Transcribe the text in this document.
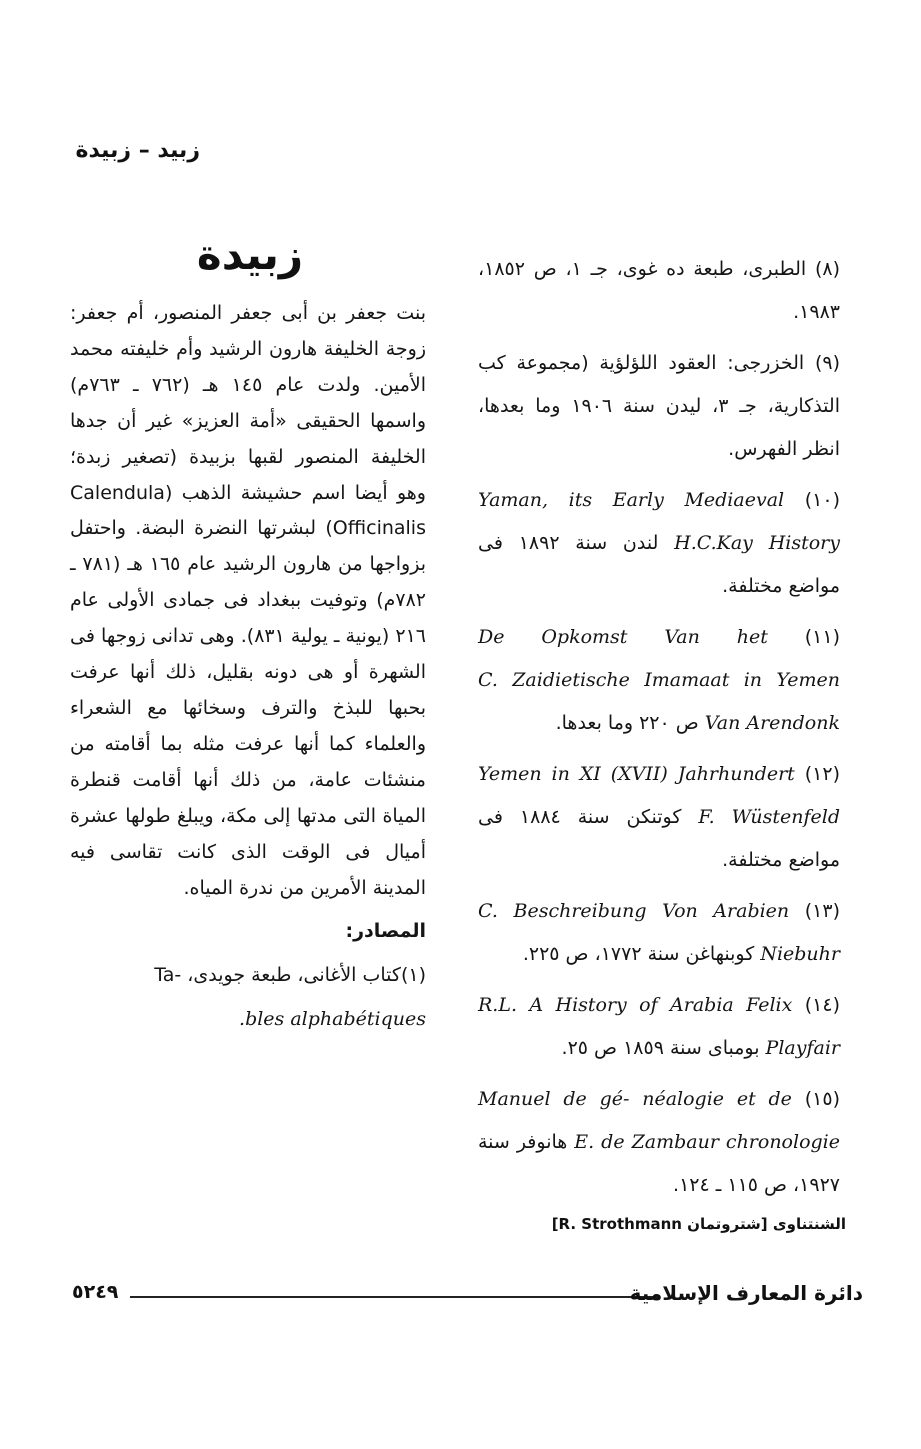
زبيد – زبيدة
زبيدة	(٨) الطبرى، طبعة ده غوى، جـ ١، ص ١٨٥٢، ١٩٨٣.

(٩) الخزرجى: العقود اللؤلؤية (مجموعة كب التذكارية، جـ ٣، ليدن سنة ١٩٠٦ وما بعدها، انظر الفهرس.

(١٠) Yaman, its Early Mediaeval History H.C.Kay لندن سنة ١٨٩٢ فى مواضع مختلفة.

(١١) De Opkomst Van het Zaidietische Imamaat in Yemen C. Van Arendonk ص ٢٢٠ وما بعدها.

(١٢) Yemen in XI (XVII) Jahrhundert F. Wüstenfeld كوتنكن سنة ١٨٨٤ فى مواضع مختلفة.

(١٣) Beschreibung Von Arabien C. Niebuhr كوبنهاغن سنة ١٧٧٢، ص ٢٢٥.

(١٤) A History of Arabia Felix R.L. Playfair بومباى سنة ١٨٥٩ ص ٢٥.

(١٥) Manuel de gé- néalogie et de chronologie E. de Zambaur هانوفر سنة ١٩٢٧، ص ١١٥ ـ ١٢٤.

الشنتناوى [شتروتمان R. Strothmann]

بنت جعفر بن أبى جعفر المنصور، أم جعفر: زوجة الخليفة هارون الرشيد وأم خليفته محمد الأمين. ولدت عام ١٤٥ هـ (٧٦٢ ـ ٧٦٣م) واسمها الحقيقى «أمة العزيز» غير أن جدها الخليفة المنصور لقبها بزبيدة (تصغير زبدة؛ وهو أيضا اسم حشيشة الذهب (Calendula Officinalis) لبشرتها النضرة البضة. واحتفل بزواجها من هارون الرشيد عام ١٦٥ هـ (٧٨١ ـ ٧٨٢م) وتوفيت ببغداد فى جمادى الأولى عام ٢١٦ (يونية ـ يولية ٨٣١). وهى تدانى زوجها فى الشهرة أو هى دونه بقليل، ذلك أنها عرفت بحبها للبذخ والترف وسخائها مع الشعراء والعلماء كما أنها عرفت مثله بما أقامته من منشئات عامة، من ذلك أنها أقامت قنطرة المياة التى مدتها إلى مكة، ويبلغ طولها عشرة أميال فى الوقت الذى كانت تقاسى فيه المدينة الأمرين من ندرة المياه.

المصادر:

(١)كتاب الأغانى، طبعة جويدى، -Ta

.bles alphabétiques

٥٢٤٩	دائرة المعارف الإسلامية
